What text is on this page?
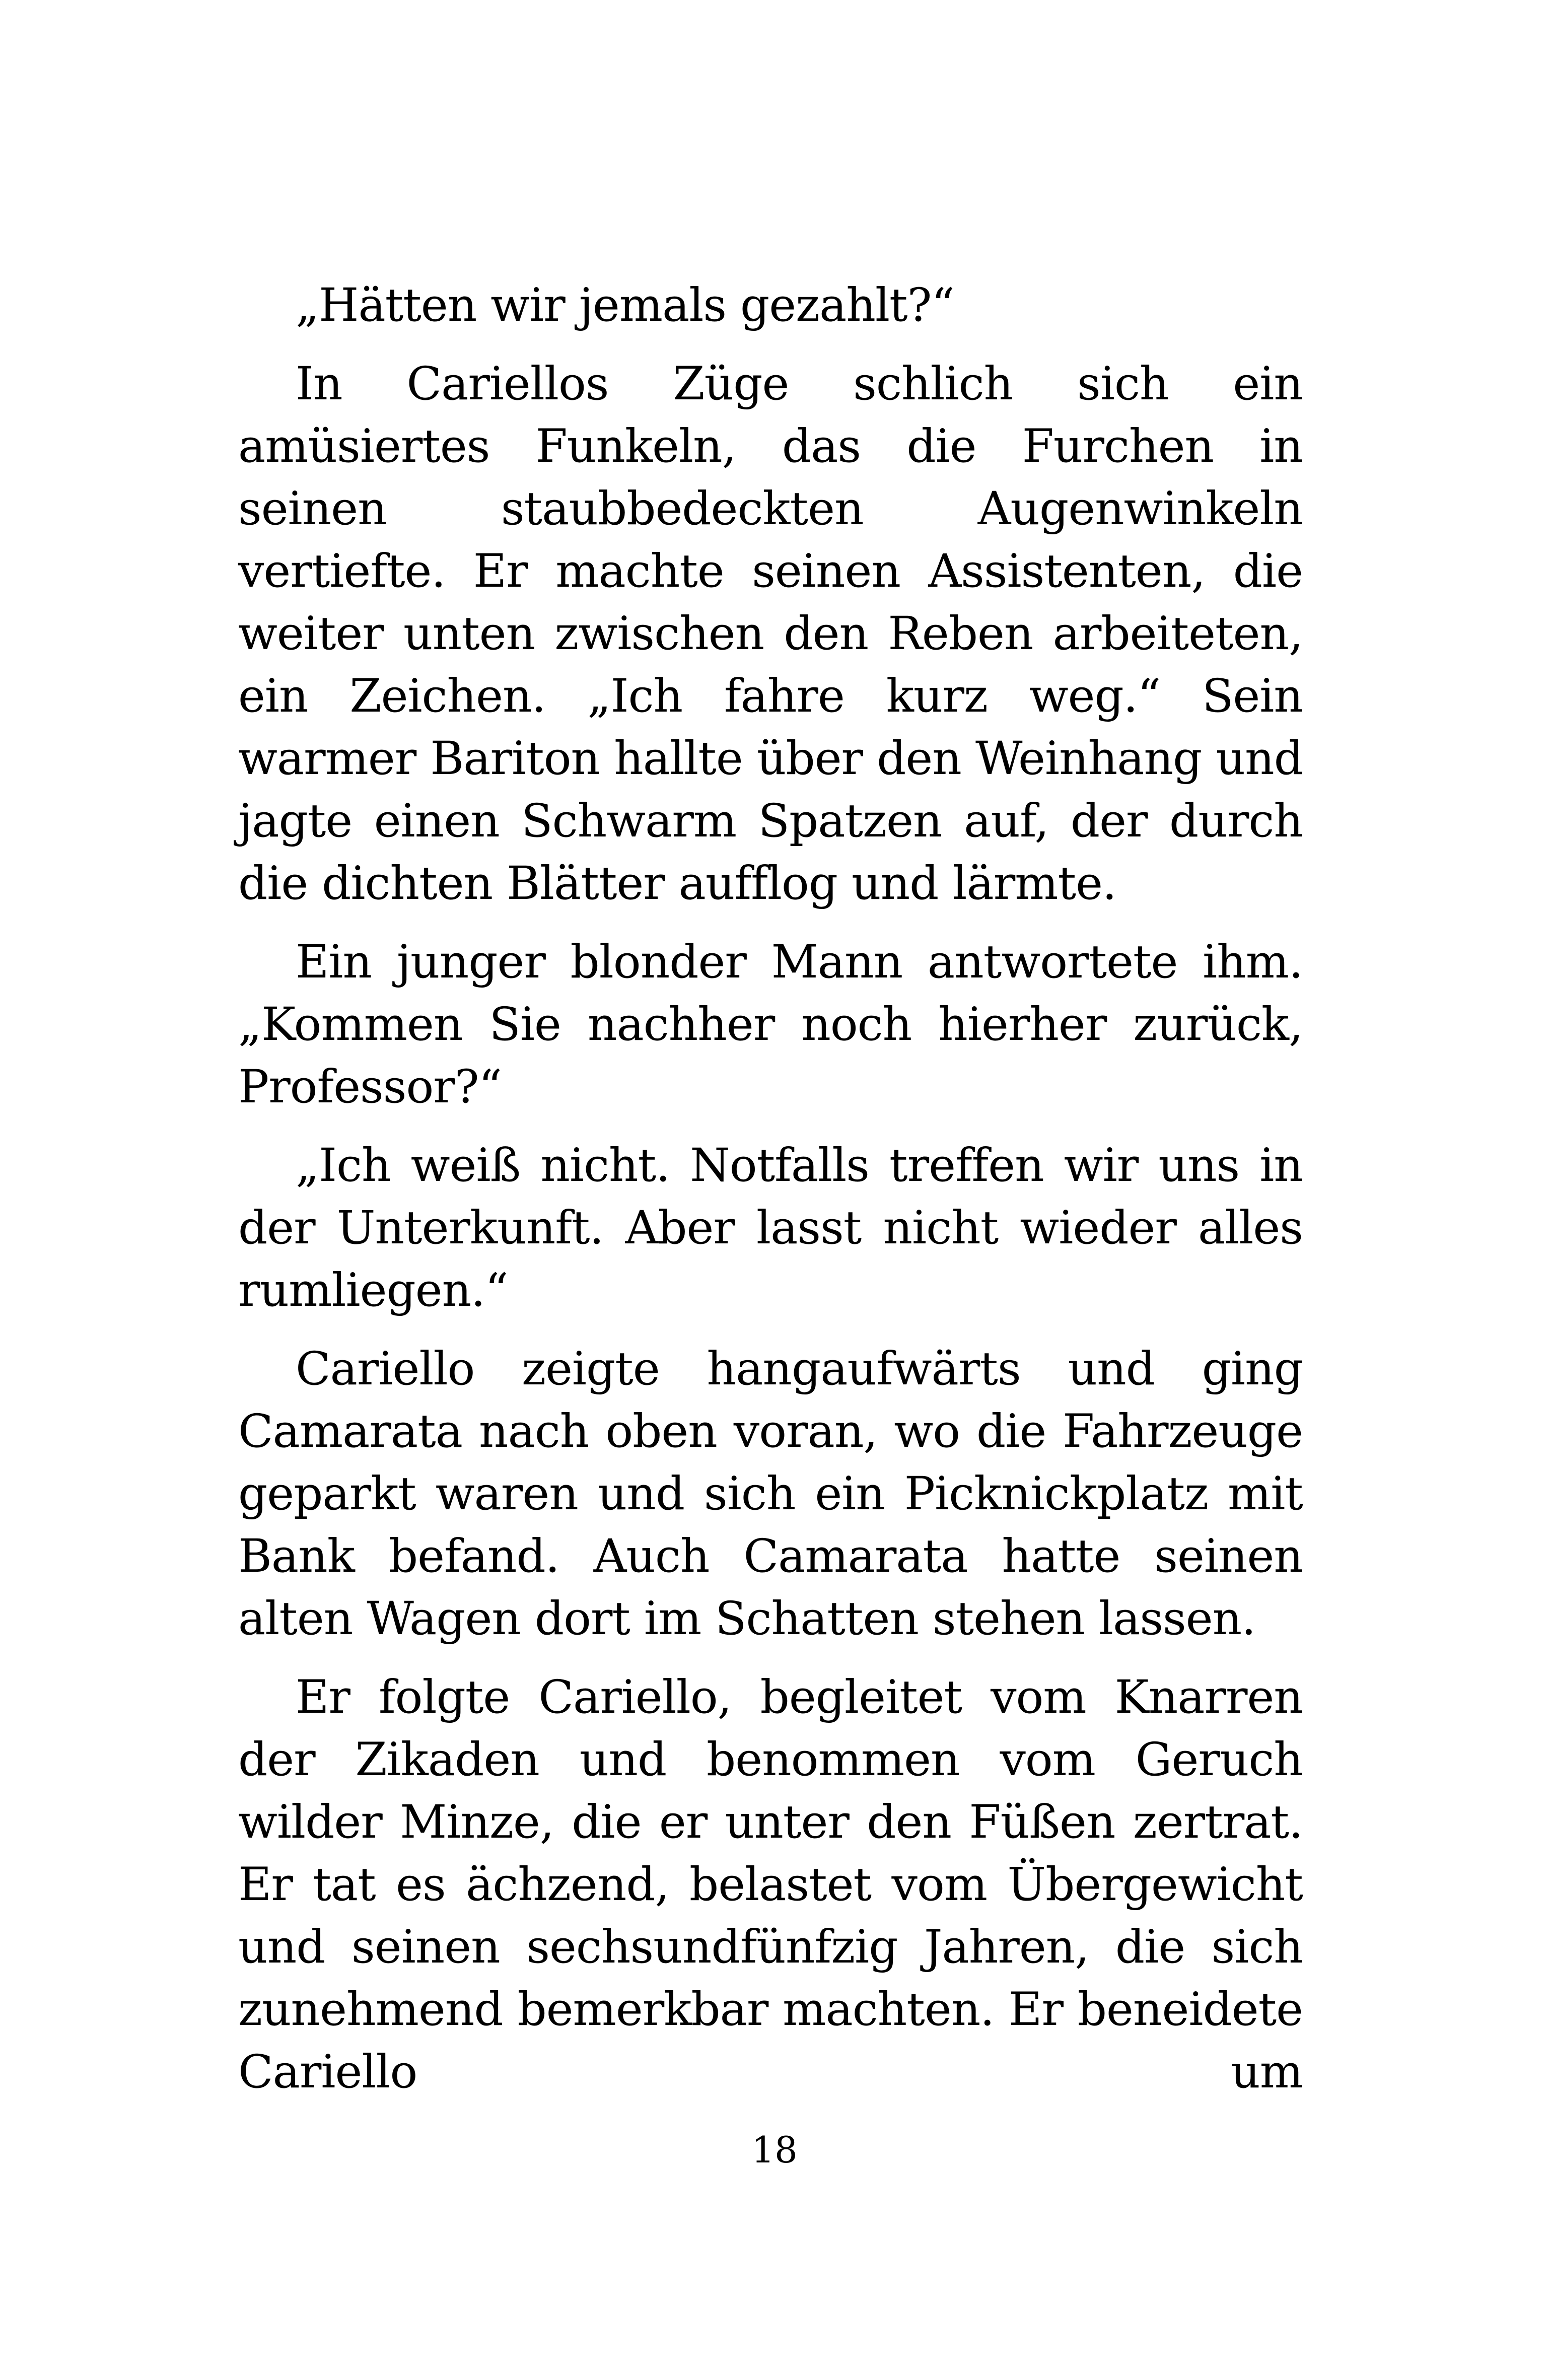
„Hätten wir jemals gezahlt?“

In Cariellos Züge schlich sich ein amüsiertes Funkeln, das die Furchen in seinen staubbedeckten Augenwinkeln vertiefte. Er machte seinen Assistenten, die weiter unten zwischen den Reben arbeiteten, ein Zeichen. „Ich fahre kurz weg.“ Sein warmer Bariton hallte über den Weinhang und jagte einen Schwarm Spatzen auf, der durch die dichten Blätter aufflog und lärmte.

Ein junger blonder Mann antwortete ihm. „Kommen Sie nachher noch hierher zurück, Professor?“

„Ich weiß nicht. Notfalls treffen wir uns in der Unterkunft. Aber lasst nicht wieder alles rumliegen.“

Cariello zeigte hangaufwärts und ging Camarata nach oben voran, wo die Fahrzeuge geparkt waren und sich ein Picknickplatz mit Bank befand. Auch Camarata hatte seinen alten Wagen dort im Schatten stehen lassen.

Er folgte Cariello, begleitet vom Knarren der Zikaden und benommen vom Geruch wilder Minze, die er unter den Füßen zertrat. Er tat es ächzend, belastet vom Übergewicht und seinen sechsundfünfzig Jahren, die sich zunehmend bemerkbar machten. Er beneidete Cariello um

18
